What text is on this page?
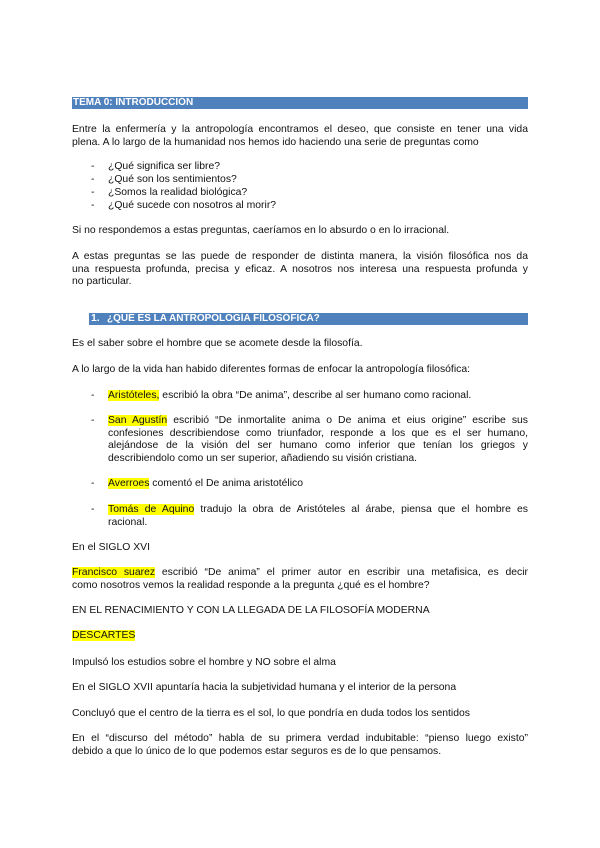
TEMA 0: INTRODUCCIÓN

Entre la enfermería y la antropología encontramos el deseo, que consiste en tener una vida
plena. A lo largo de la humanidad nos hemos ido haciendo una serie de preguntas como

- ¿Qué significa ser libre?

- ¿Qué son los sentimientos?

- ¿Somos la realidad biológica?

- ¿Qué sucede con nosotros al morir?

Si no respondemos a estas preguntas, caeríamos en lo absurdo o en lo irracional.

A estas preguntas se las puede de responder de distinta manera, la visión filosófica nos da
una respuesta profunda, precisa y eficaz. A nosotros nos interesa una respuesta profunda y
no particular.

¿QUÉ ES LA ANTROPOLOGÍA FILOSÓFICA?
1.

Es el saber sobre el hombre que se acomete desde la filosofía.

A lo largo de la vida han habido diferentes formas de enfocar la antropología filosófica:

- Aristóteles, escribió la obra “De anima”, describe al ser humano como racional.

- San Agustín escribió “De inmortalite anima o De anima et eius origine” escribe sus
confesiones describiendose como triunfador, responde a los que es el ser humano,
alejándose de la visión del ser humano como inferior que tenían los griegos y
describiendolo como un ser superior, añadiendo su visión cristiana.

- Averroes comentó el De anima aristotélico

- Tomás de Aquino tradujo la obra de Aristóteles al árabe, piensa que el hombre es
racional.

En el SIGLO XVI

Francisco suarez escribió “De anima” el primer autor en escribir una metafisica, es decir
como nosotros vemos la realidad responde a la pregunta ¿qué es el hombre?

EN EL RENACIMIENTO Y CON LA LLEGADA DE LA FILOSOFÍA MODERNA

DESCARTES

Impulsó los estudios sobre el hombre y NO sobre el alma

En el SIGLO XVII apuntaría hacia la subjetividad humana y el interior de la persona

Concluyó que el centro de la tierra es el sol, lo que pondría en duda todos los sentidos

En el “discurso del método” habla de su primera verdad indubitable: “pienso luego existo”
debido a que lo único de lo que podemos estar seguros es de lo que pensamos.
